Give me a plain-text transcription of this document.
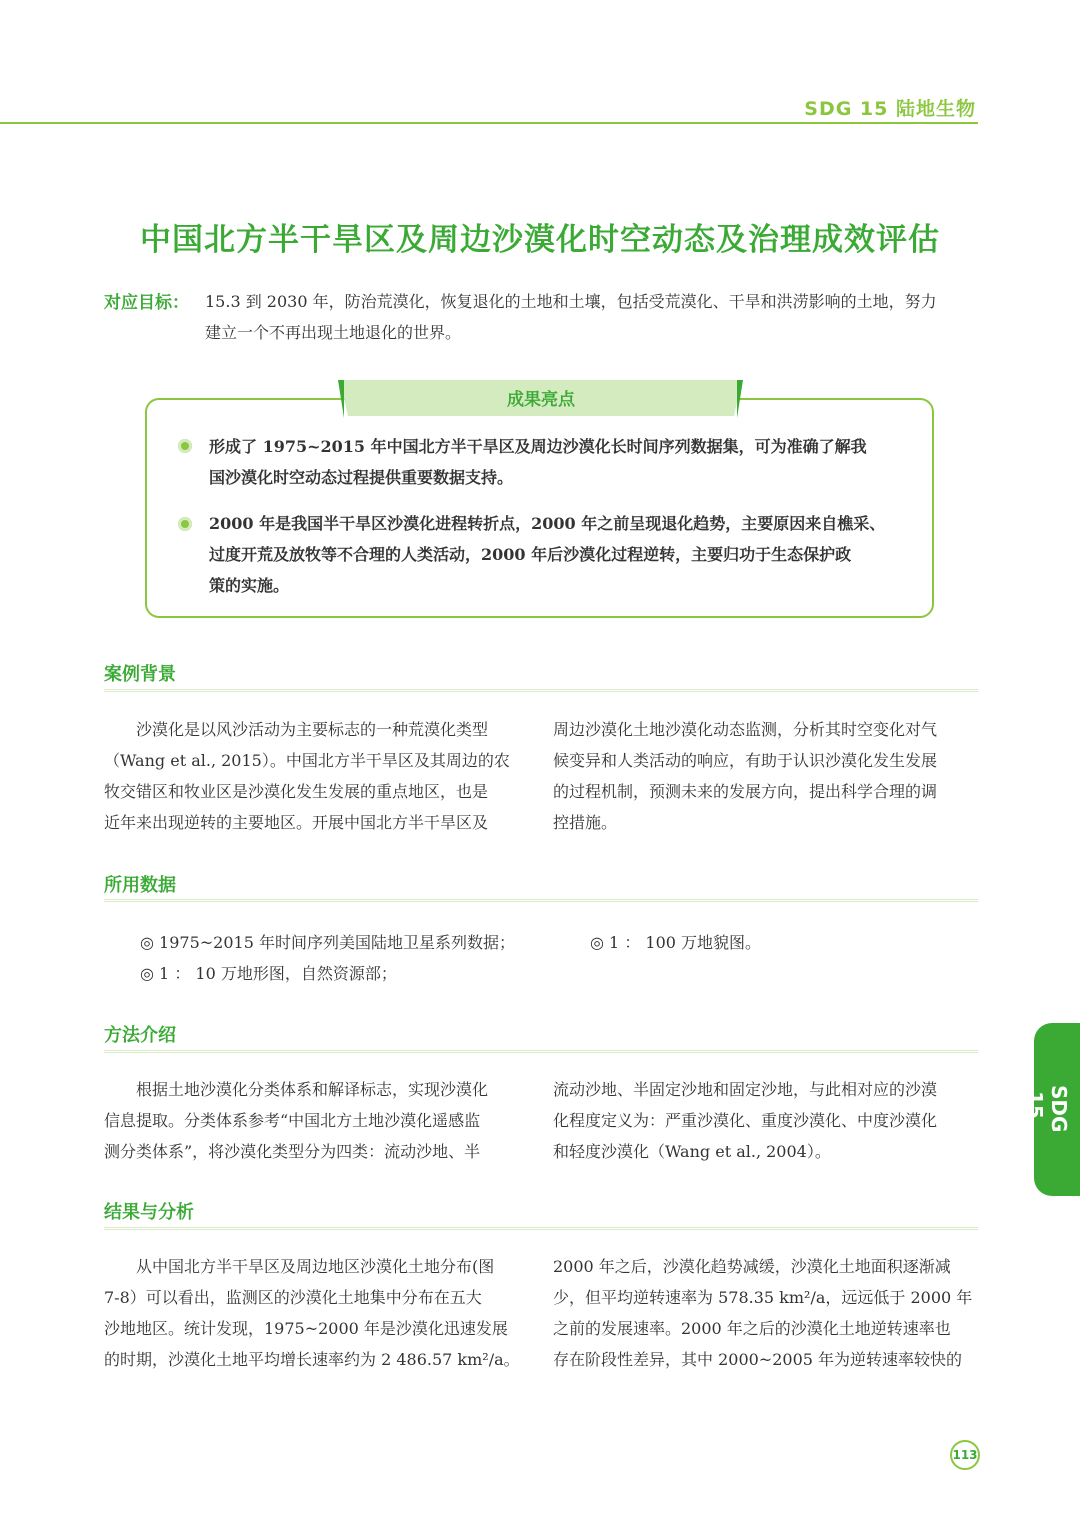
SDG 15 陆地生物
中国北方半干旱区及周边沙漠化时空动态及治理成效评估
对应目标： 15.3 到 2030 年，防治荒漠化，恢复退化的土地和土壤，包括受荒漠化、干旱和洪涝影响的土地，努力
建立一个不再出现土地退化的世界。
成果亮点
形成了 1975~2015 年中国北方半干旱区及周边沙漠化长时间序列数据集，可为准确了解我
国沙漠化时空动态过程提供重要数据支持。
2000 年是我国半干旱区沙漠化进程转折点，2000 年之前呈现退化趋势，主要原因来自樵采、
过度开荒及放牧等不合理的人类活动，2000 年后沙漠化过程逆转，主要归功于生态保护政
策的实施。
案例背景
沙漠化是以风沙活动为主要标志的一种荒漠化类型
（Wang et al., 2015）。中国北方半干旱区及其周边的农
牧交错区和牧业区是沙漠化发生发展的重点地区，也是
近年来出现逆转的主要地区。开展中国北方半干旱区及
周边沙漠化土地沙漠化动态监测，分析其时空变化对气
候变异和人类活动的响应，有助于认识沙漠化发生发展
的过程机制，预测未来的发展方向，提出科学合理的调
控措施。
所用数据
◎ 1975~2015 年时间序列美国陆地卫星系列数据；	◎ 1 ： 100 万地貌图。
◎ 1 ： 10 万地形图，自然资源部；
方法介绍
根据土地沙漠化分类体系和解译标志，实现沙漠化
信息提取。分类体系参考“中国北方土地沙漠化遥感监
测分类体系”，将沙漠化类型分为四类：流动沙地、半
流动沙地、半固定沙地和固定沙地，与此相对应的沙漠
化程度定义为：严重沙漠化、重度沙漠化、中度沙漠化
和轻度沙漠化（Wang et al., 2004）。
结果与分析
从中国北方半干旱区及周边地区沙漠化土地分布(图
7-8）可以看出，监测区的沙漠化土地集中分布在五大
沙地地区。统计发现，1975~2000 年是沙漠化迅速发展
的时期，沙漠化土地平均增长速率约为 2 486.57 km²/a。
2000 年之后，沙漠化趋势减缓，沙漠化土地面积逐渐减
少，但平均逆转速率为 578.35 km²/a，远远低于 2000 年
之前的发展速率。2000 年之后的沙漠化土地逆转速率也
存在阶段性差异，其中 2000~2005 年为逆转速率较快的
SDG 15
113
